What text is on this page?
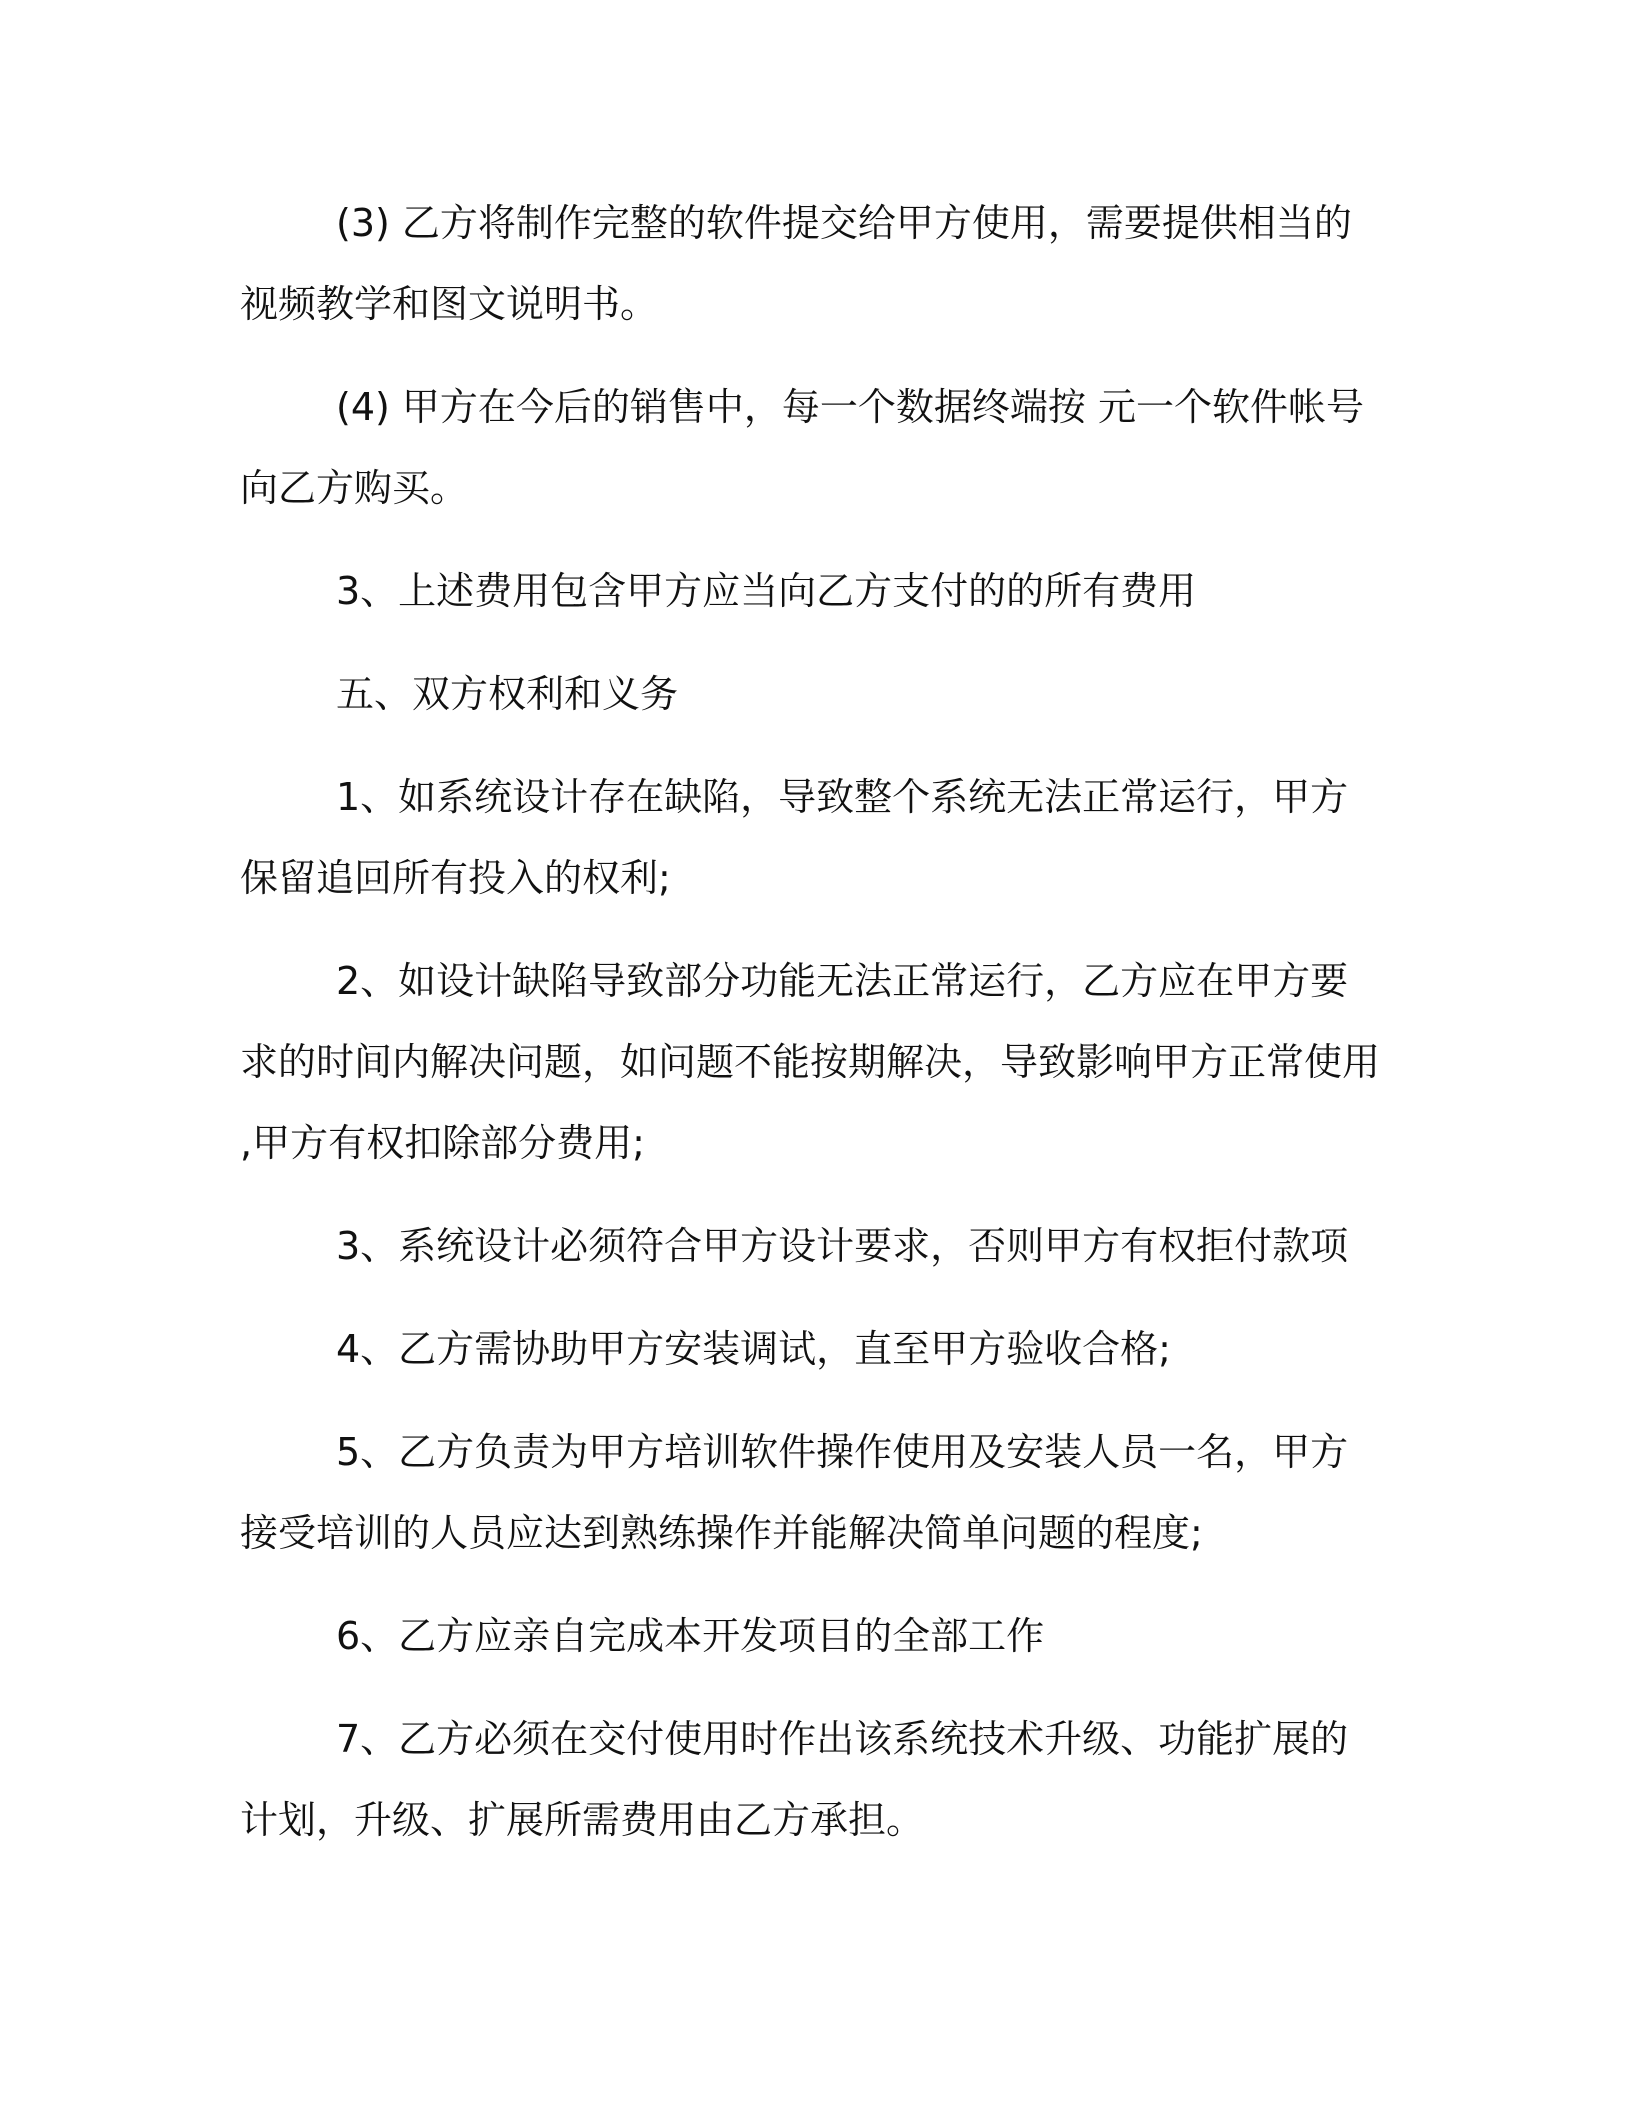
(3) 乙方将制作完整的软件提交给甲方使用，需要提供相当的视频教学和图文说明书。

(4) 甲方在今后的销售中，每一个数据终端按 元一个软件帐号向乙方购买。

3、上述费用包含甲方应当向乙方支付的的所有费用

五、双方权利和义务

1、如系统设计存在缺陷，导致整个系统无法正常运行，甲方保留追回所有投入的权利;

2、如设计缺陷导致部分功能无法正常运行，乙方应在甲方要求的时间内解决问题，如问题不能按期解决，导致影响甲方正常使用 ,甲方有权扣除部分费用;

3、系统设计必须符合甲方设计要求，否则甲方有权拒付款项

4、乙方需协助甲方安装调试，直至甲方验收合格;

5、乙方负责为甲方培训软件操作使用及安装人员一名，甲方接受培训的人员应达到熟练操作并能解决简单问题的程度;

6、乙方应亲自完成本开发项目的全部工作

7、乙方必须在交付使用时作出该系统技术升级、功能扩展的计划，升级、扩展所需费用由乙方承担。
